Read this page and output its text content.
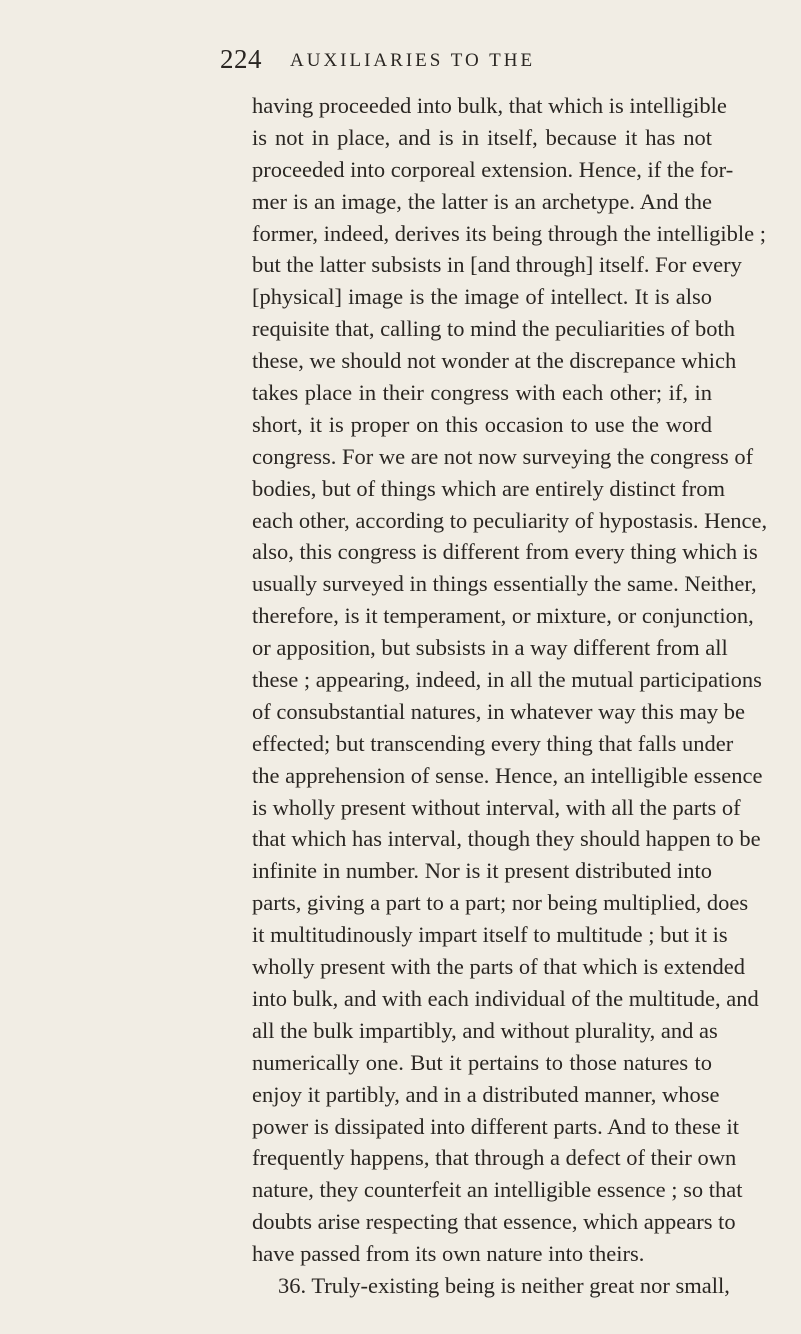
224 AUXILIARIES TO THE
having proceeded into bulk, that which is intelligible
is not in place, and is in itself, because it has not
proceeded into corporeal extension. Hence, if the for-
mer is an image, the latter is an archetype. And the
former, indeed, derives its being through the intelligible ;
but the latter subsists in [and through] itself. For every
[physical] image is the image of intellect. It is also
requisite that, calling to mind the peculiarities of both
these, we should not wonder at the discrepance which
takes place in their congress with each other; if, in
short, it is proper on this occasion to use the word
congress. For we are not now surveying the congress of
bodies, but of things which are entirely distinct from
each other, according to peculiarity of hypostasis. Hence,
also, this congress is different from every thing which is
usually surveyed in things essentially the same. Neither,
therefore, is it temperament, or mixture, or conjunction,
or apposition, but subsists in a way different from all
these ; appearing, indeed, in all the mutual participations
of consubstantial natures, in whatever way this may be
effected; but transcending every thing that falls under
the apprehension of sense. Hence, an intelligible essence
is wholly present without interval, with all the parts of
that which has interval, though they should happen to be
infinite in number. Nor is it present distributed into
parts, giving a part to a part; nor being multiplied, does
it multitudinously impart itself to multitude ; but it is
wholly present with the parts of that which is extended
into bulk, and with each individual of the multitude, and
all the bulk impartibly, and without plurality, and as
numerically one. But it pertains to those natures to
enjoy it partibly, and in a distributed manner, whose
power is dissipated into different parts. And to these it
frequently happens, that through a defect of their own
nature, they counterfeit an intelligible essence ; so that
doubts arise respecting that essence, which appears to
have passed from its own nature into theirs.
36. Truly-existing being is neither great nor small,
